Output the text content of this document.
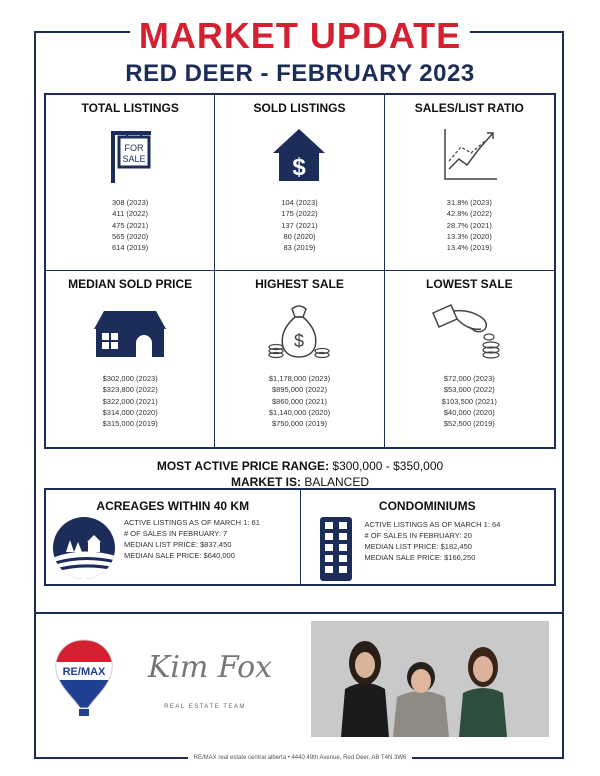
MARKET UPDATE
RED DEER - FEBRUARY 2023
TOTAL LISTINGS
FOR
SALE
308 (2023)
411 (2022)
475 (2021)
565 (2020)
614 (2019)
SOLD LISTINGS
$
104 (2023)
175 (2022)
137 (2021)
80 (2020)
83 (2019)
SALES/LIST RATIO
31.8% (2023)
42.8% (2022)
28.7% (2021)
13.3% (2020)
13.4% (2019)
MEDIAN SOLD PRICE
$302,000 (2023)
$323,800 (2022)
$322,000 (2021)
$314,000 (2020)
$315,000 (2019)
HIGHEST SALE
$
$1,178,000 (2023)
$895,000 (2022)
$860,000 (2021)
$1,140,000 (2020)
$750,000 (2019)
LOWEST SALE
$72,000 (2023)
$53,000 (2022)
$103,500 (2021)
$40,000 (2020)
$52,500 (2019)
MOST ACTIVE PRICE RANGE: $300,000 - $350,000
MARKET IS: BALANCED
ACREAGES WITHIN 40 KM
ACTIVE LISTINGS AS OF MARCH 1: 61
# OF SALES IN FEBRUARY: 7
MEDIAN LIST PRICE: $837,450
MEDIAN SALE PRICE: $640,000
CONDOMINIUMS
ACTIVE LISTINGS AS OF MARCH 1: 64
# OF SALES IN FEBRUARY: 20
MEDIAN LIST PRICE: $182,450
MEDIAN SALE PRICE: $166,250
RE/MAX	Kim Fox
REAL ESTATE TEAM
RE/MAX real estate central alberta • 4440 49th Avenue, Red Deer, AB T4N 3W6
